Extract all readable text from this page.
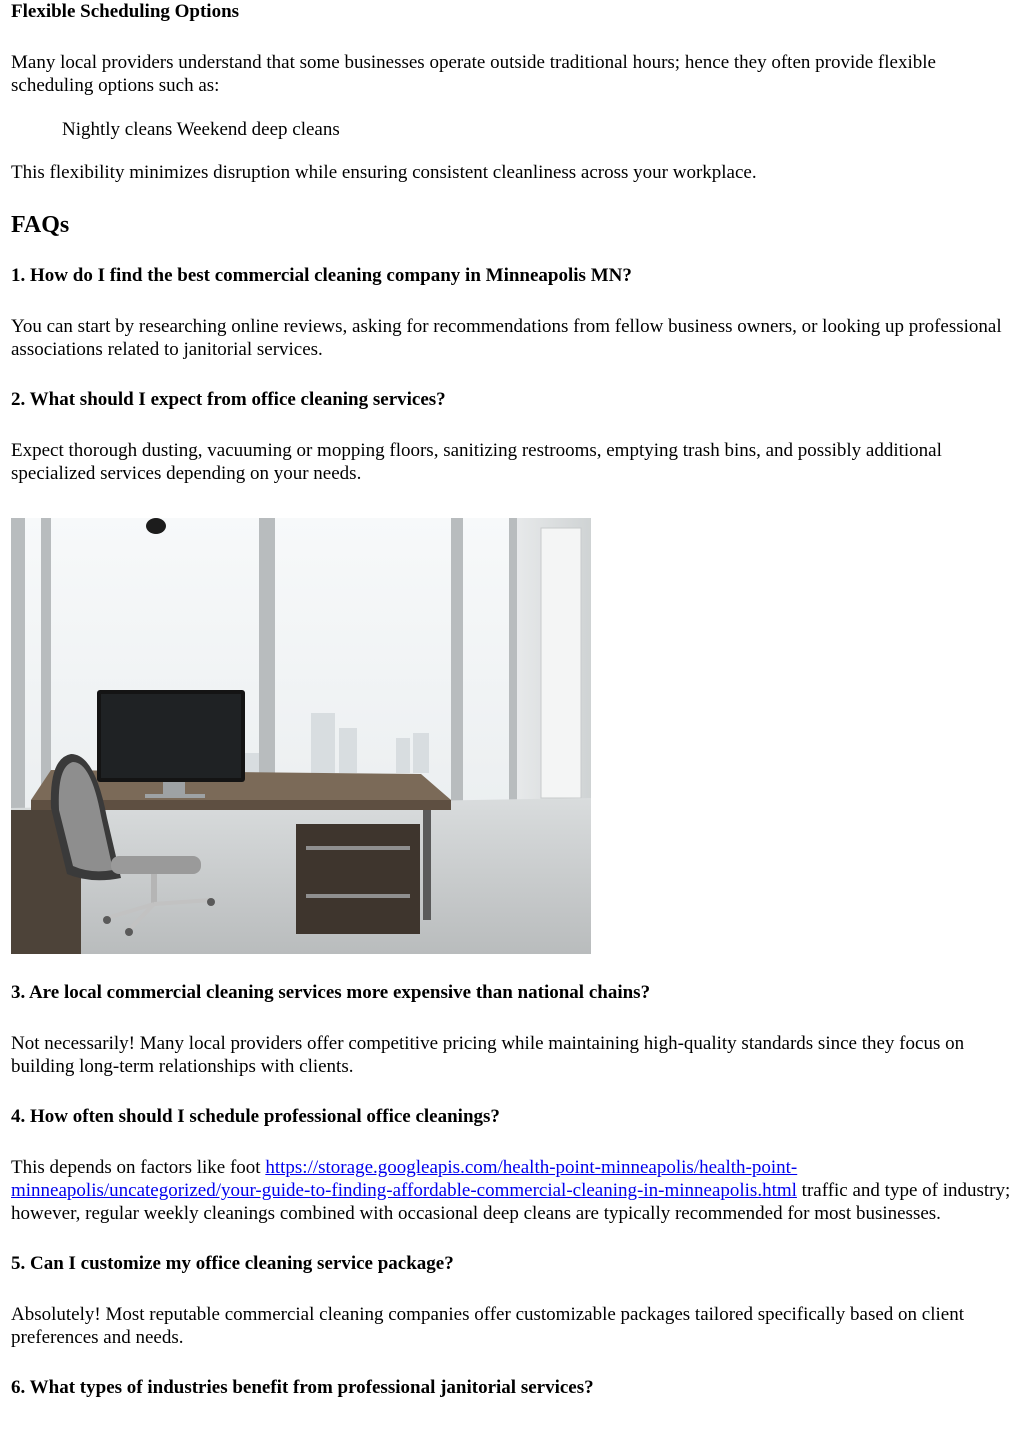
Flexible Scheduling Options

Many local providers understand that some businesses operate outside traditional hours; hence they often provide flexible scheduling options such as:

Nightly cleans Weekend deep cleans

This flexibility minimizes disruption while ensuring consistent cleanliness across your workplace.

FAQs
1. How do I find the best commercial cleaning company in Minneapolis MN?

You can start by researching online reviews, asking for recommendations from fellow business owners, or looking up professional associations related to janitorial services.

2. What should I expect from office cleaning services?

Expect thorough dusting, vacuuming or mopping floors, sanitizing restrooms, emptying trash bins, and possibly additional specialized services depending on your needs.

3. Are local commercial cleaning services more expensive than national chains?

Not necessarily! Many local providers offer competitive pricing while maintaining high-quality standards since they focus on building long-term relationships with clients.

4. How often should I schedule professional office cleanings?

This depends on factors like foot https://storage.googleapis.com/health-point-minneapolis/health-point-minneapolis/uncategorized/your-guide-to-finding-affordable-commercial-cleaning-in-minneapolis.html traffic and type of industry; however, regular weekly cleanings combined with occasional deep cleans are typically recommended for most businesses.

5. Can I customize my office cleaning service package?

Absolutely! Most reputable commercial cleaning companies offer customizable packages tailored specifically based on client preferences and needs.

6. What types of industries benefit from professional janitorial services?
